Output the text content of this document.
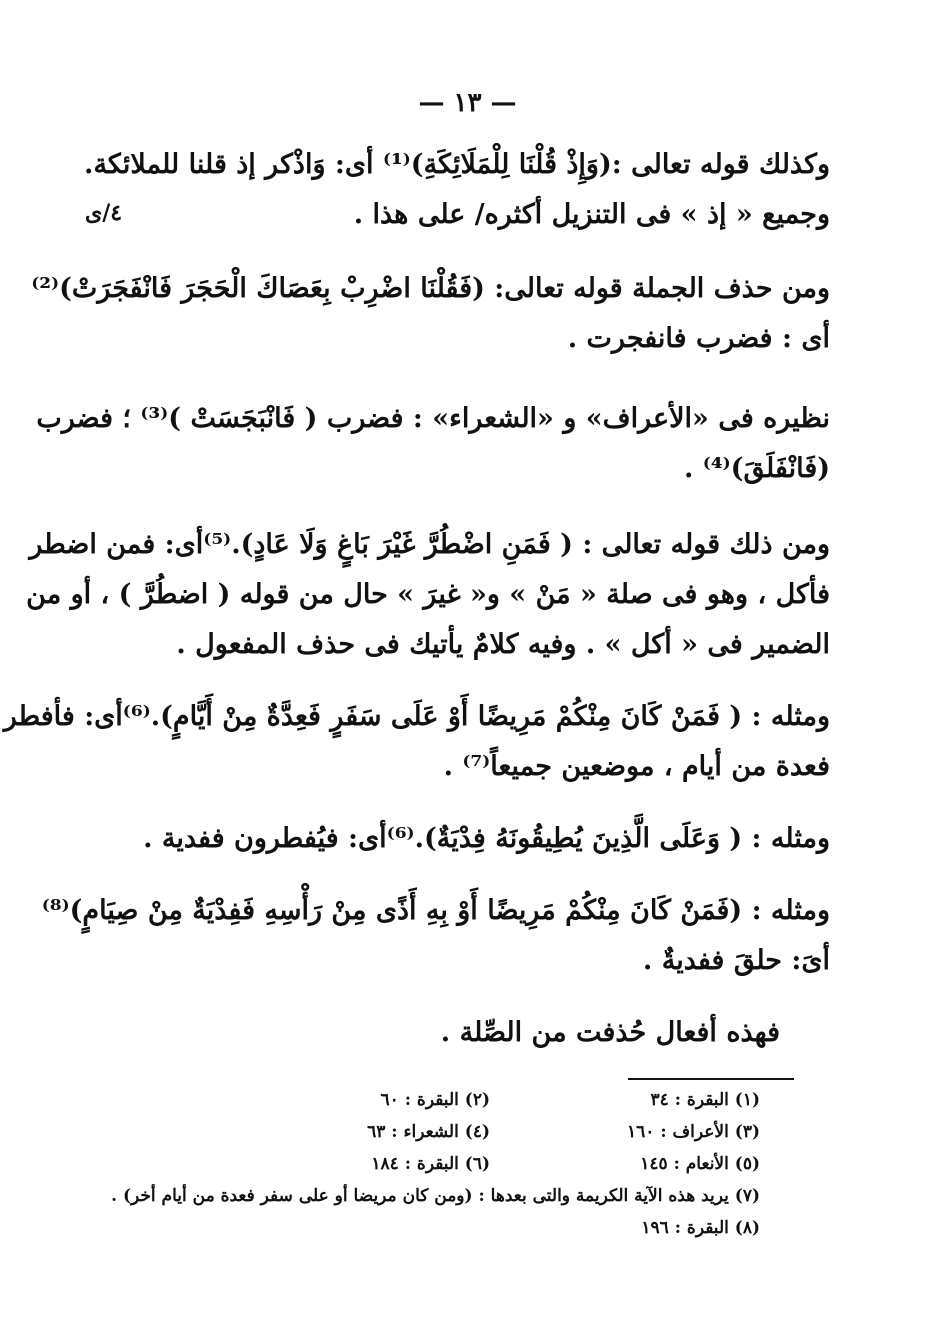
— ١٣ —
٤/ى

وكذلك قوله تعالى :(وَإِذْ قُلْنَا لِلْمَلَائِكَةِ)⁽¹⁾ أى: وَاذْكر إذ قلنا للملائكة.
وجميع « إذ » فى التنزيل أكثره/ على هذا .

ومن حذف الجملة قوله تعالى: (فَقُلْنَا اضْرِبْ بِعَصَاكَ الْحَجَرَ فَانْفَجَرَتْ)⁽²⁾
أى : فضرب فانفجرت .

نظيره فى «الأعراف» و «الشعراء» : فضرب ( فَانْبَجَسَتْ )⁽³⁾ ؛ فضرب
(فَانْفَلَقَ)⁽⁴⁾ .

ومن ذلك قوله تعالى : ( فَمَنِ اضْطُرَّ غَيْرَ بَاغٍ وَلَا عَادٍ).⁽⁵⁾أى: فمن اضطر
فأكل ، وهو فى صلة « مَنْ » و« غيرَ » حال من قوله ( اضطُرَّ ) ، أو من
الضمير فى « أكل » . وفيه كلامٌ يأتيك فى حذف المفعول .

ومثله : ( فَمَنْ كَانَ مِنْكُمْ مَرِيضًا أَوْ عَلَى سَفَرٍ فَعِدَّةٌ مِنْ أَيَّامٍ).⁽⁶⁾أى: فأفطر
فعدة من أيام ، موضعين جميعاً⁽⁷⁾ .

ومثله : ( وَعَلَى الَّذِينَ يُطِيقُونَهُ فِدْيَةٌ).⁽⁶⁾أى: فيُفطرون ففدية .

ومثله : (فَمَنْ كَانَ مِنْكُمْ مَرِيضًا أَوْ بِهِ أَذًى مِنْ رَأْسِهِ فَفِدْيَةٌ مِنْ صِيَامٍ)⁽⁸⁾
أىَ: حلقَ ففديةٌ .

فهذه أفعال حُذفت من الصِّلة .

(١) البقرة : ٣٤
(٢) البقرة : ٦٠
(٣) الأعراف : ١٦٠
(٤) الشعراء : ٦٣
(٥) الأنعام : ١٤٥
(٦) البقرة : ١٨٤
(٧) يريد هذه الآية الكريمة والتى بعدها : (ومن كان مريضا أو على سفر فعدة من أيام أخر) .
(٨) البقرة : ١٩٦
